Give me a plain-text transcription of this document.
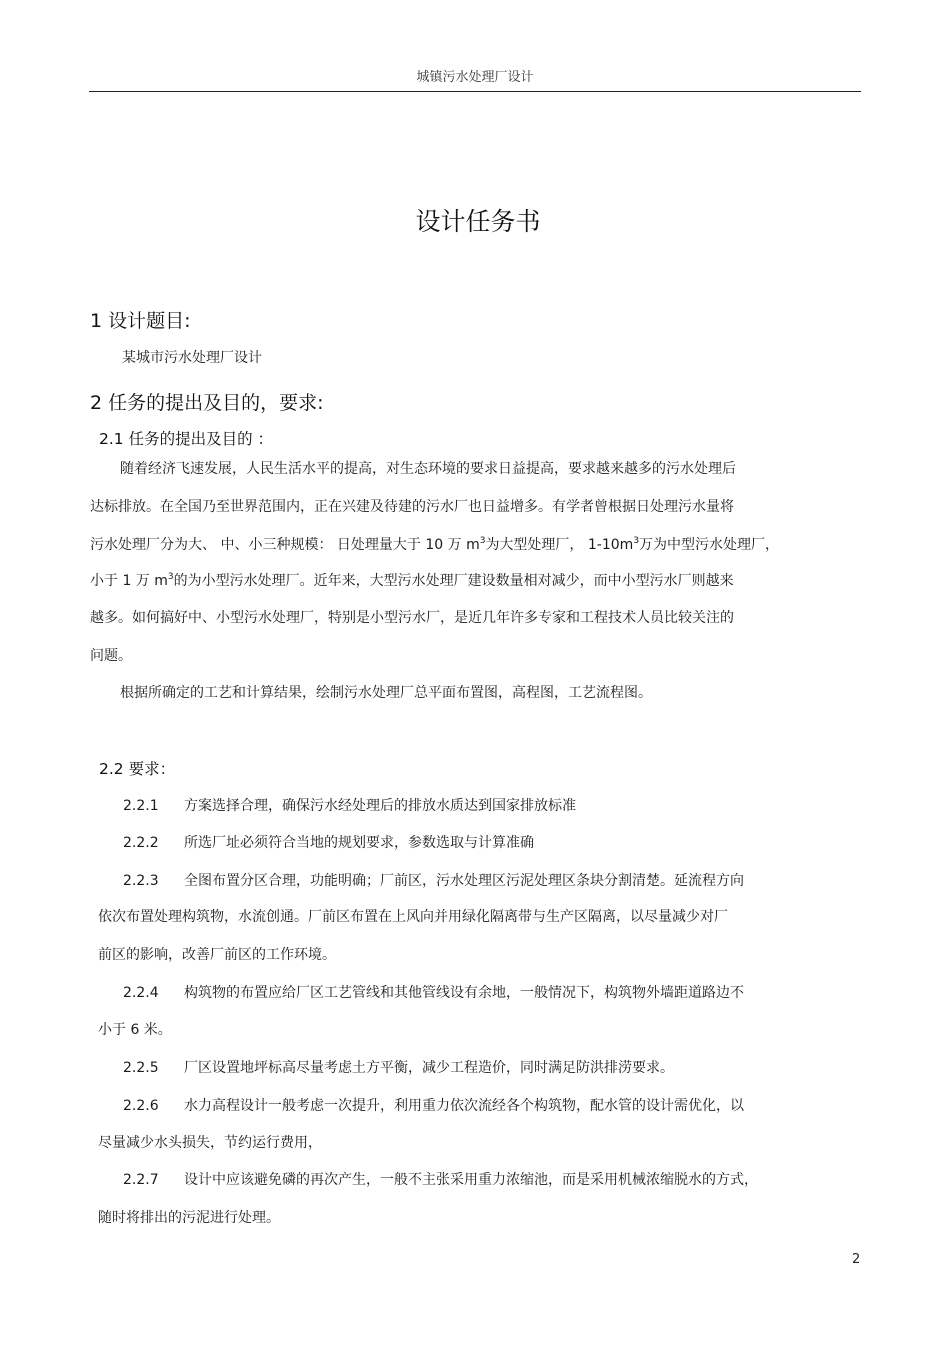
城镇污水处理厂设计
设计任务书
1 设计题目:
某城市污水处理厂设计
2 任务的提出及目的，要求:
2.1 任务的提出及目的 ：
随着经济飞速发展，人民生活水平的提高，对生态环境的要求日益提高，要求越来越多的污水处理后
达标排放。在全国乃至世界范围内，正在兴建及待建的污水厂也日益增多。有学者曾根据日处理污水量将
污水处理厂分为大、 中、小三种规模： 日处理量大于 10 万 $m^3$为大型处理厂， $1-10m^3$万为中型污水处理厂，
小于 1 万 $m^3$的为小型污水处理厂。近年来，大型污水处理厂建设数量相对减少，而中小型污水厂则越来
越多。如何搞好中、小型污水处理厂，特别是小型污水厂，是近几年许多专家和工程技术人员比较关注的
问题。
根据所确定的工艺和计算结果，绘制污水处理厂总平面布置图，高程图，工艺流程图。
2.2 要求：
2.2.1 方案选择合理，确保污水经处理后的排放水质达到国家排放标准
2.2.2 所选厂址必须符合当地的规划要求，参数选取与计算准确
2.2.3 全图布置分区合理，功能明确；厂前区，污水处理区污泥处理区条块分割清楚。延流程方向
依次布置处理构筑物，水流创通。厂前区布置在上风向并用绿化隔离带与生产区隔离，以尽量减少对厂
前区的影响，改善厂前区的工作环境。
2.2.4 构筑物的布置应给厂区工艺管线和其他管线设有余地，一般情况下，构筑物外墙距道路边不
小于 6 米。
2.2.5 厂区设置地坪标高尽量考虑土方平衡，减少工程造价，同时满足防洪排涝要求。
2.2.6 水力高程设计一般考虑一次提升，利用重力依次流经各个构筑物，配水管的设计需优化，以
尽量减少水头损失，节约运行费用，
2.2.7 设计中应该避免磷的再次产生，一般不主张采用重力浓缩池，而是采用机械浓缩脱水的方式，
随时将排出的污泥进行处理。
2
